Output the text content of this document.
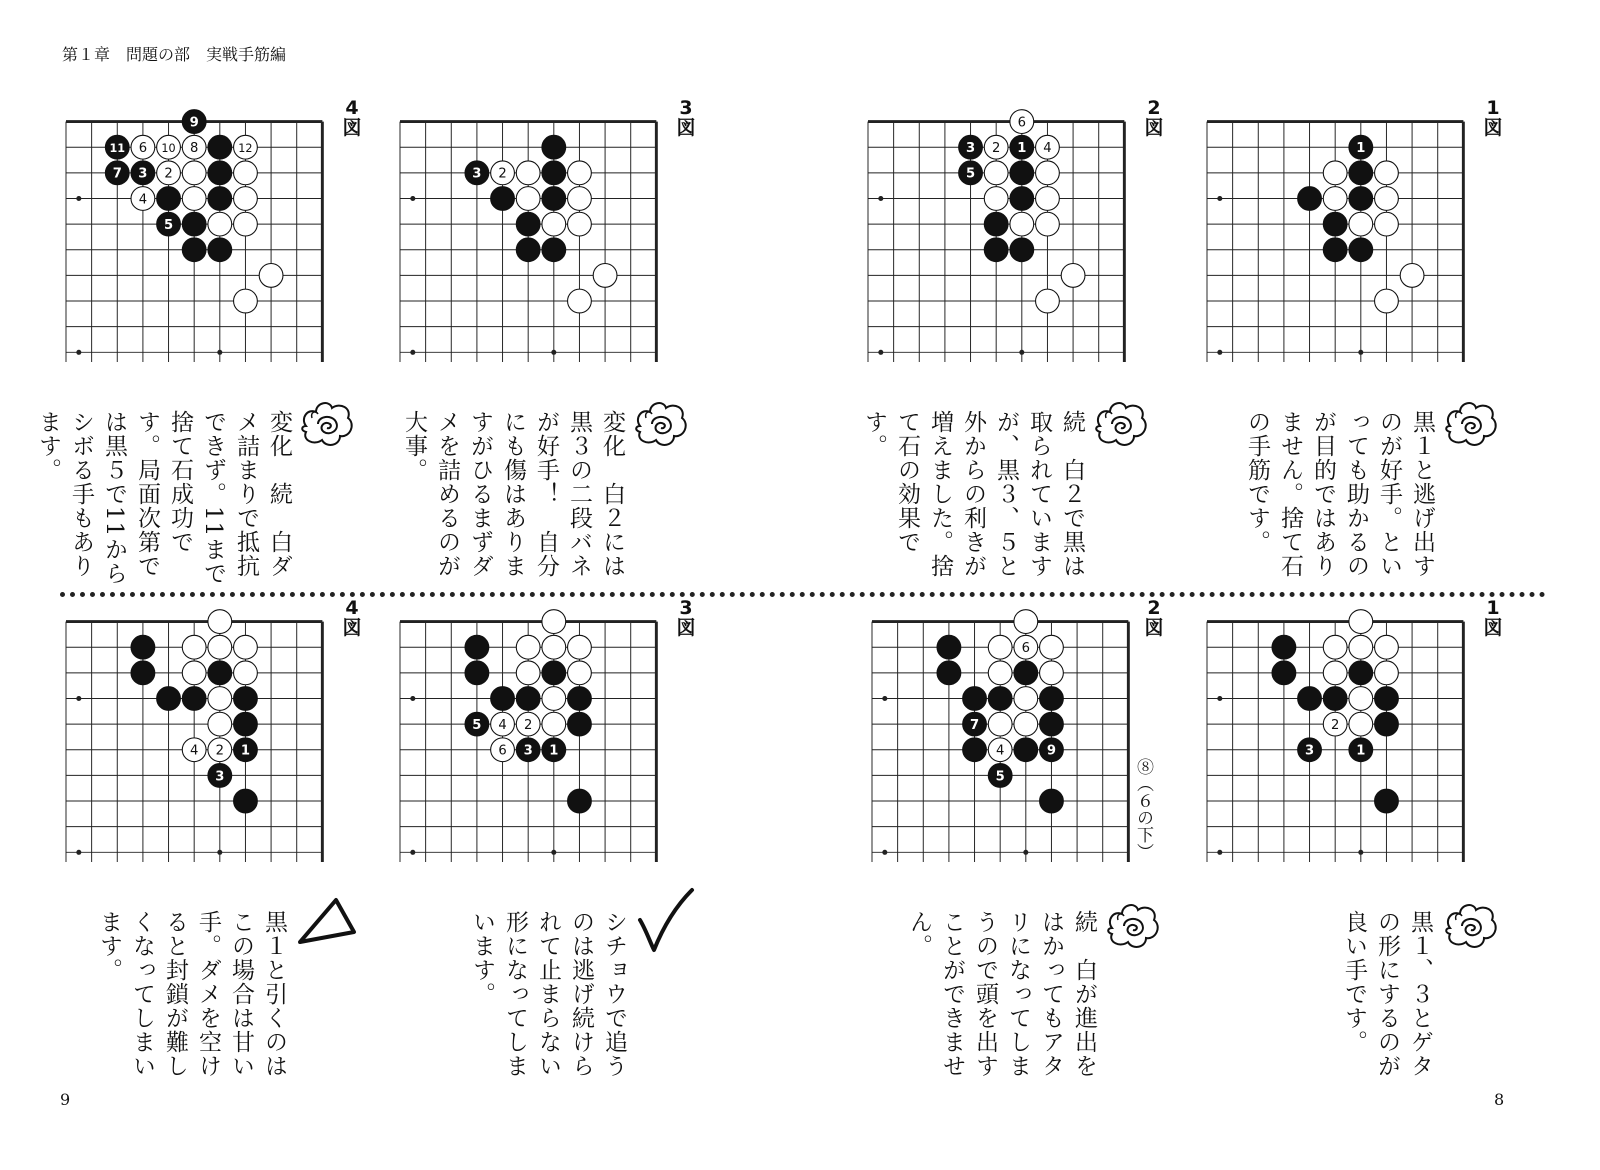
第１章　問題の部　実戦手筋編
1
1図
黒１と逃げ出すのが好手。といっても助かるのが目的ではありません。捨て石の手筋です。
6
3 2 1 4
5
2図
続　白２で黒は取られていますが、黒３、５と外からの利きが増えました。捨て石の効果です。
3 2
3図
変化　白２には黒３の二段バネが好手！　自分にも傷はありますがひるまずダメを詰めるのが大事。
9
11 6 10 8	12
7 3 2
4
5
4図
変化　続　白ダメ詰まりで抵抗できず。11まで捨て石成功です。局面次第では黒５で11からシボる手もあります。
2
3	1
1図
黒１、３とゲタの形にするのが良い手です。
6
7
4	9
5
2図
⑧（６の下）
続　白が進出をはかってもアタリになってしまうので頭を出すことができません。
5 4 2
6 3 1
3図
シチョウで追うのは逃げ続けられて止まらない形になってしまいます。
4 2 1
3
4図
黒１と引くのはこの場合は甘い手。ダメを空けると封鎖が難しくなってしまいます。
9	8
